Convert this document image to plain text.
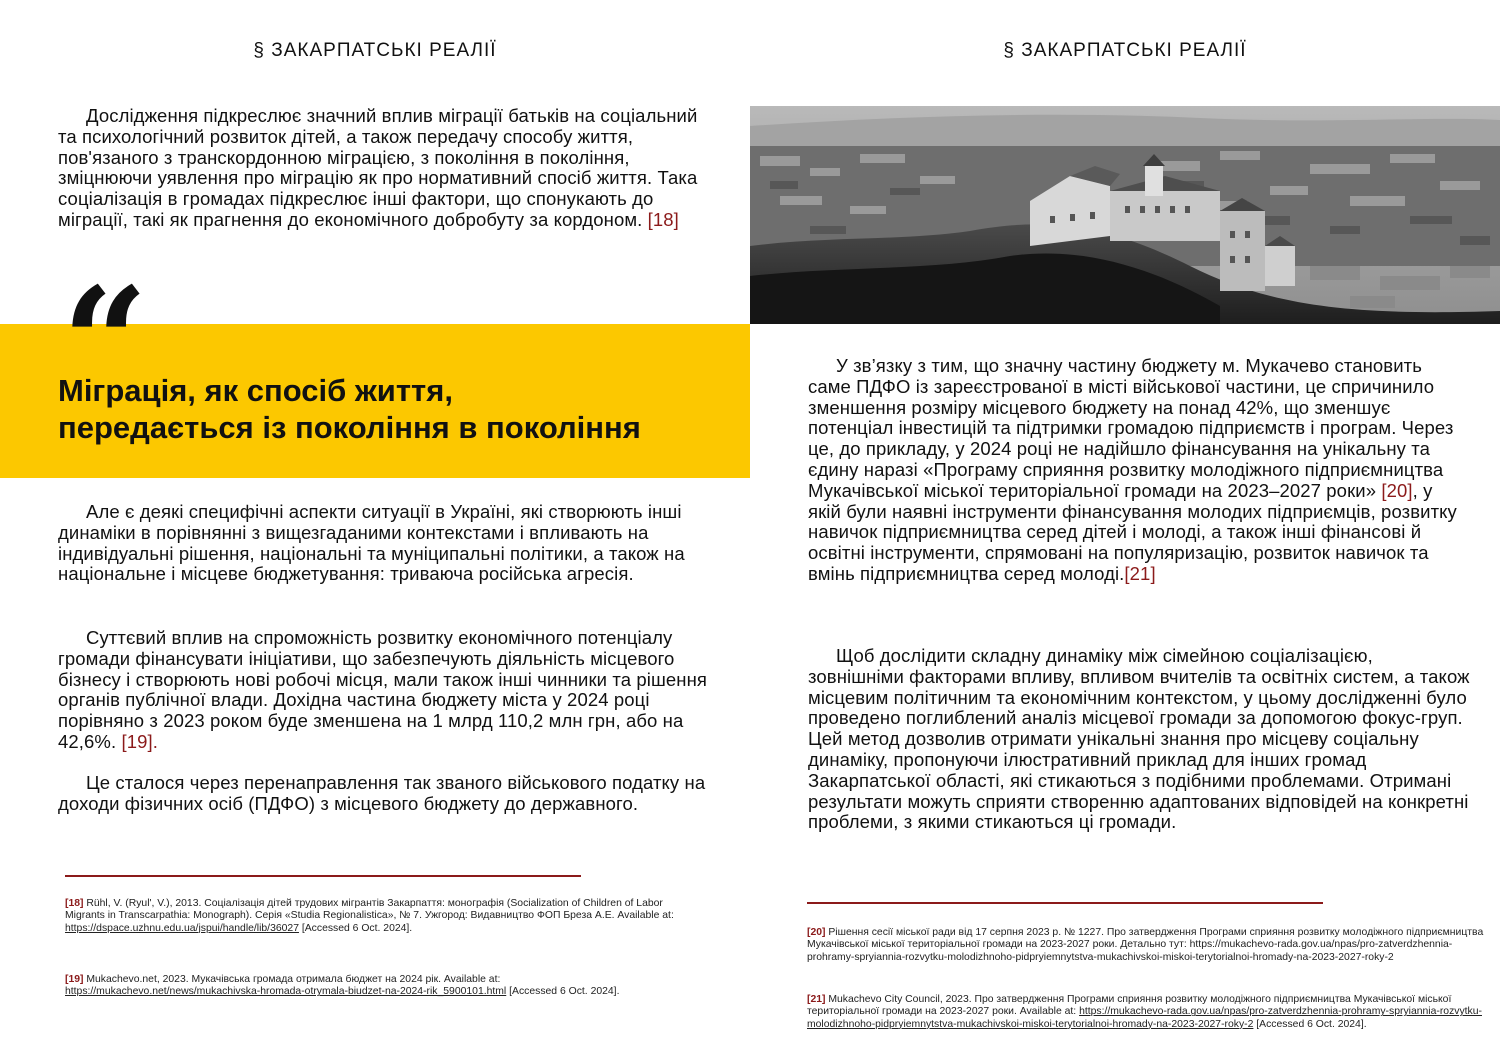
§ ЗАКАРПАТСЬКІ РЕАЛІЇ
Дослідження підкреслює значний вплив міграції батьків на соціальний та психологічний розвиток дітей, а також передачу способу життя, пов'язаного з транскордонною міграцією, з покоління в покоління, зміцнюючи уявлення про міграцію як про нормативний спосіб життя. Така соціалізація в громадах підкреслює інші фактори, що спонукають до міграції, такі як прагнення до економічного добробуту за кордоном. [18]
“
Міграція, як спосіб життя,
передається із покоління в покоління
Але є деякі специфічні аспекти ситуації в Україні, які створюють інші динаміки в порівнянні з вищезгаданими контекстами і впливають на індивідуальні рішення, національні та муніципальні політики, а також на національне і місцеве бюджетування: триваюча російська агресія.
Суттєвий вплив на спроможність розвитку економічного потенціалу громади фінансувати ініціативи, що забезпечують діяльність місцевого бізнесу і створюють нові робочі місця, мали також інші чинники та рішення органів публічної влади. Дохідна частина бюджету міста у 2024 році порівняно з 2023 роком буде зменшена на 1 млрд 110,2 млн грн, або на 42,6%. [19].
Це сталося через перенаправлення так званого військового податку на доходи фізичних осіб (ПДФО) з місцевого бюджету до державного.
[18] Rühl, V. (Ryul', V.), 2013. Соціалізація дітей трудових мігрантів Закарпаття: монографія (Socialization of Children of Labor Migrants in Transcarpathia: Monograph). Серія «Studia Regionalistica», № 7. Ужгород: Видавництво ФОП Бреза А.Е. Available at: https://dspace.uzhnu.edu.ua/jspui/handle/lib/36027 [Accessed 6 Oct. 2024].
[19] Mukachevo.net, 2023. Мукачівська громада отримала бюджет на 2024 рік. Available at: https://mukachevo.net/news/mukachivska-hromada-otrymala-biudzet-na-2024-rik_5900101.html [Accessed 6 Oct. 2024].
§ ЗАКАРПАТСЬКІ РЕАЛІЇ
У зв’язку з тим, що значну частину бюджету м. Мукачево становить саме ПДФО із зареєстрованої в місті військової частини, це спричинило зменшення розміру місцевого бюджету на понад 42%, що зменшує потенціал інвестицій та підтримки громадою підприємств і програм. Через це, до прикладу, у 2024 році не надійшло фінансування на унікальну та єдину наразі «Програму сприяння розвитку молодіжного підприємництва Мукачівської міської територіальної громади на 2023–2027 роки» [20], у якій були наявні інструменти фінансування молодих підприємців, розвитку навичок підприємництва серед дітей і молоді, а також інші фінансові й освітні інструменти, спрямовані на популяризацію, розвиток навичок та вмінь підприємництва серед молоді.[21]
Щоб дослідити складну динаміку між сімейною соціалізацією, зовнішніми факторами впливу, впливом вчителів та освітніх систем, а також місцевим політичним та економічним контекстом, у цьому дослідженні було проведено поглиблений аналіз місцевої громади за допомогою фокус-груп. Цей метод дозволив отримати унікальні знання про місцеву соціальну динаміку, пропонуючи ілюстративний приклад для інших громад Закарпатської області, які стикаються з подібними проблемами. Отримані результати можуть сприяти створенню адаптованих відповідей на конкретні проблеми, з якими стикаються ці громади.
[20] Рішення сесії міської ради від 17 серпня 2023 р. № 1227. Про затвердження Програми сприяння розвитку молодіжного підприємництва Мукачівської міської територіальної громади на 2023-2027 роки. Детально тут: https://mukachevo-rada.gov.ua/npas/pro-zatverdzhennia-prohramy-spryiannia-rozvytku-molodizhnoho-pidpryiemnytstva-mukachivskoi-miskoi-terytorialnoi-hromady-na-2023-2027-roky-2
[21] Mukachevo City Council, 2023. Про затвердження Програми сприяння розвитку молодіжного підприємництва Мукачівської міської територіальної громади на 2023-2027 роки. Available at: https://mukachevo-rada.gov.ua/npas/pro-zatverdzhennia-prohramy-spryiannia-rozvytku-molodizhnoho-pidpryiemnytstva-mukachivskoi-miskoi-terytorialnoi-hromady-na-2023-2027-roky-2 [Accessed 6 Oct. 2024].
